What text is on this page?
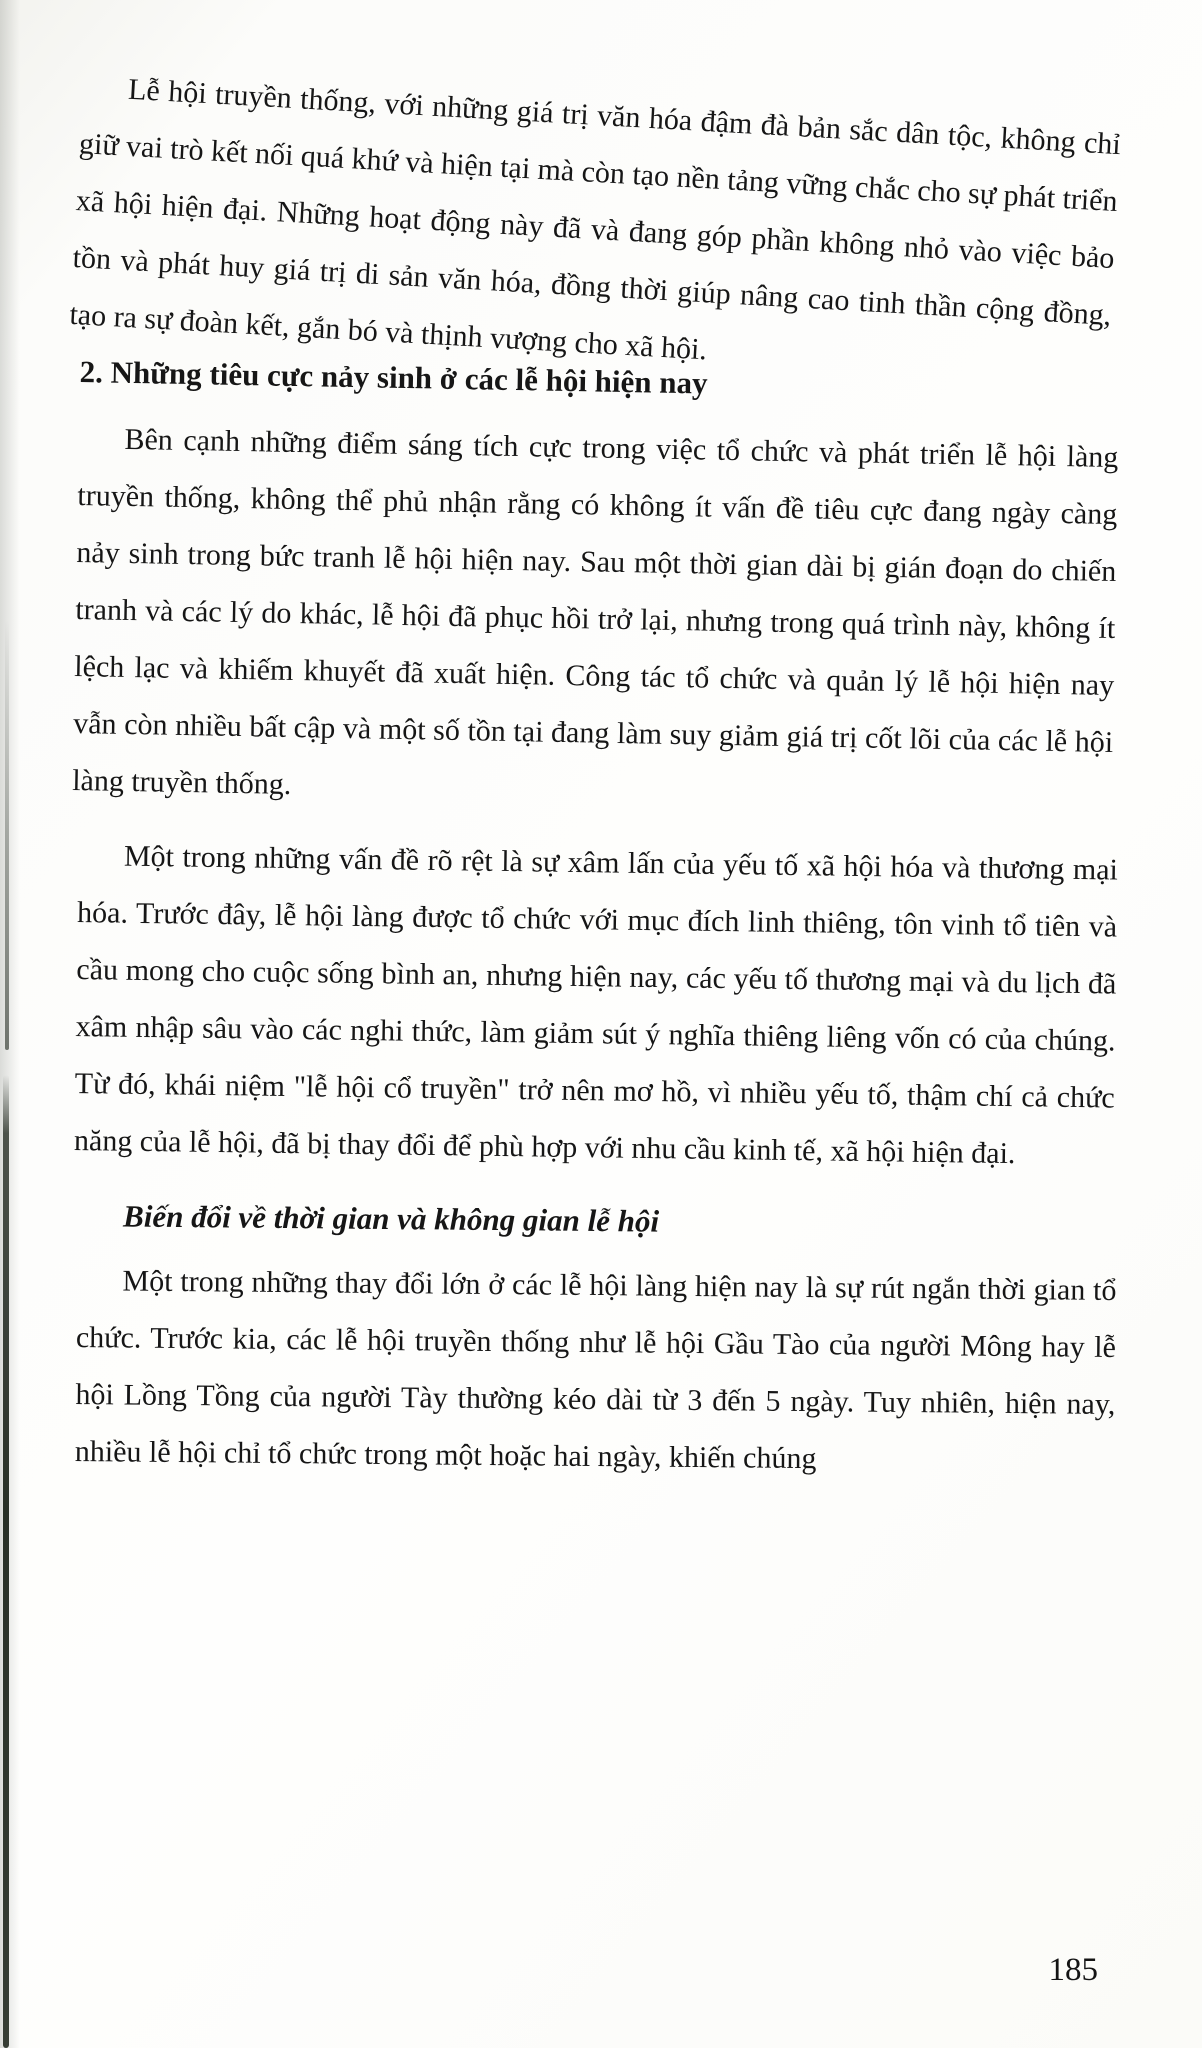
Lễ hội truyền thống, với những giá trị văn hóa đậm đà bản sắc dân tộc, không chỉ giữ vai trò kết nối quá khứ và hiện tại mà còn tạo nền tảng vững chắc cho sự phát triển xã hội hiện đại. Những hoạt động này đã và đang góp phần không nhỏ vào việc bảo tồn và phát huy giá trị di sản văn hóa, đồng thời giúp nâng cao tinh thần cộng đồng, tạo ra sự đoàn kết, gắn bó và thịnh vượng cho xã hội.

2. Những tiêu cực nảy sinh ở các lễ hội hiện nay

Bên cạnh những điểm sáng tích cực trong việc tổ chức và phát triển lễ hội làng truyền thống, không thể phủ nhận rằng có không ít vấn đề tiêu cực đang ngày càng nảy sinh trong bức tranh lễ hội hiện nay. Sau một thời gian dài bị gián đoạn do chiến tranh và các lý do khác, lễ hội đã phục hồi trở lại, nhưng trong quá trình này, không ít lệch lạc và khiếm khuyết đã xuất hiện. Công tác tổ chức và quản lý lễ hội hiện nay vẫn còn nhiều bất cập và một số tồn tại đang làm suy giảm giá trị cốt lõi của các lễ hội làng truyền thống.

Một trong những vấn đề rõ rệt là sự xâm lấn của yếu tố xã hội hóa và thương mại hóa. Trước đây, lễ hội làng được tổ chức với mục đích linh thiêng, tôn vinh tổ tiên và cầu mong cho cuộc sống bình an, nhưng hiện nay, các yếu tố thương mại và du lịch đã xâm nhập sâu vào các nghi thức, làm giảm sút ý nghĩa thiêng liêng vốn có của chúng. Từ đó, khái niệm "lễ hội cổ truyền" trở nên mơ hồ, vì nhiều yếu tố, thậm chí cả chức năng của lễ hội, đã bị thay đổi để phù hợp với nhu cầu kinh tế, xã hội hiện đại.

Biến đổi về thời gian và không gian lễ hội

Một trong những thay đổi lớn ở các lễ hội làng hiện nay là sự rút ngắn thời gian tổ chức. Trước kia, các lễ hội truyền thống như lễ hội Gầu Tào của người Mông hay lễ hội Lồng Tồng của người Tày thường kéo dài từ 3 đến 5 ngày. Tuy nhiên, hiện nay, nhiều lễ hội chỉ tổ chức trong một hoặc hai ngày, khiến chúng

185
